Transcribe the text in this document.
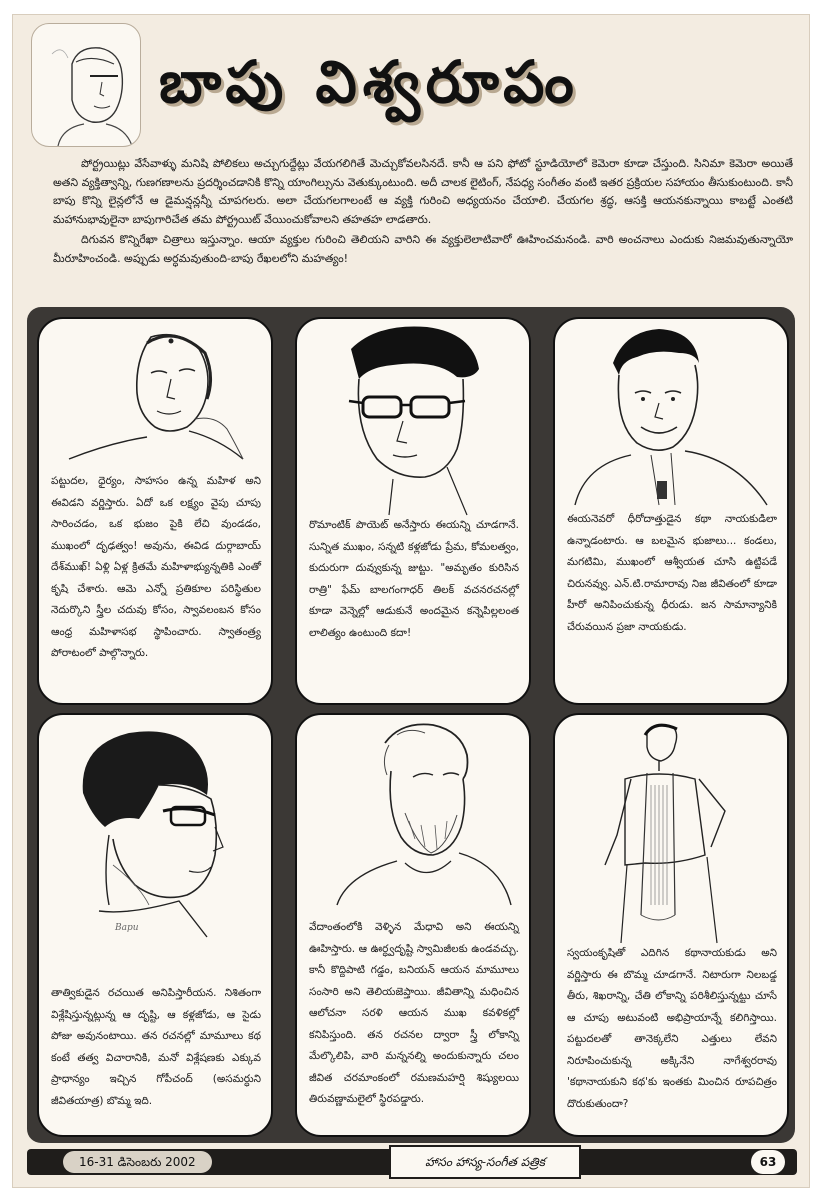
బాపు విశ్వరూపం

పోర్ట్రయిట్లు వేసేవాళ్ళు మనిషి పోలికలు అచ్చుగుద్దేట్లు వేయగలిగితే మెచ్చుకోవలసినదే. కానీ ఆ పని ఫోటో స్టూడియోలో కెమెరా కూడా చేస్తుంది. సినిమా కెమెరా అయితే అతని వ్యక్తిత్వాన్ని, గుణగణాలను ప్రదర్శించడానికి కొన్ని యాంగిల్సును వెతుక్కుంటుంది. అదీ చాలక లైటింగ్, నేపధ్య సంగీతం వంటి ఇతర ప్రక్రియల సహాయం తీసుకుంటుంది. కానీ బాపు కొన్ని లైన్లలోనే ఆ డైమన్షన్లన్నీ చూపగలరు. అలా చేయగలగాలంటే ఆ వ్యక్తి గురించి అధ్యయనం చేయాలి. చేయగల శ్రద్ధ, ఆసక్తి ఆయనకున్నాయి కాబట్టే ఎంతటి మహానుభావులైనా బాపుగారిచేత తమ పోర్ట్రయిట్ వేయించుకోవాలని తహతహ లాడతారు.

దిగువన కొన్నిరేఖా చిత్రాలు ఇస్తున్నాం. ఆయా వ్యక్తుల గురించి తెలియని వారిని ఈ వ్యక్తులెలాటివారో ఊహించమనండి. వారి అంచనాలు ఎందుకు నిజమవుతున్నాయో మీరూహించండి. అప్పుడు అర్ధమవుతుంది-బాపు రేఖలలోని మహత్యం!

పట్టుదల, ధైర్యం, సాహసం ఉన్న మహిళ అని ఈవిడని వర్ణిస్తారు. ఏదో ఒక లక్ష్యం వైపు చూపు సారించడం, ఒక భుజం పైకి లేచి వుండడం, ముఖంలో దృఢత్వం! అవును, ఈవిడ దుర్గాబాయ్ దేశ్‌ముఖ్! ఏళ్లి ఏళ్ల క్రితమే మహిళాభ్యున్నతికి ఎంతో కృషి చేశారు. ఆమె ఎన్నో ప్రతికూల పరిస్థితుల నెదుర్కొని స్త్రీల చదువు కోసం, స్వావలంబన కోసం ఆంధ్ర మహిళాసభ స్థాపించారు. స్వాతంత్ర్య పోరాటంలో పాల్గొన్నారు.
రొమాంటిక్ పొయెట్ అనేస్తారు ఈయన్ని చూడగానే. సున్నిత ముఖం, సన్నటి కళ్లజోడు ప్రేమ, కోమలత్వం, కుదురుగా దువ్వుకున్న జుట్టు. "అమృతం కురిసిన రాత్రి" ఫేమ్ బాలగంగాధర్ తిలక్ వచనరచనల్లో కూడా వెన్నెల్లో ఆడుకునే అందమైన కన్నెపిల్లలంత లాలిత్యం ఉంటుంది కదా!
ఈయనెవరో ధీరోదాత్తుడైన కథా నాయకుడిలా ఉన్నాడంటారు. ఆ బలమైన భుజాలు... కండలు, మగటిమి, ముఖంలో ఆశ్వీయత చూసి ఉట్టిపడే చిరునవ్వు. ఎన్.టి.రామారావు నిజ జీవితంలో కూడా హీరో అనిపించుకున్న ధీరుడు. జన సామాన్యానికి చేరువయిన ప్రజా నాయకుడు.
Bapu
తాత్వికుడైన రచయిత అనిపిస్తారీయన. నిశితంగా విశ్లేషిస్తున్నట్లున్న ఆ దృష్టి, ఆ కళ్లజోడు, ఆ సైడు పోజు అవునంటాయి. తన రచనల్లో మామూలు కథ కంటే తత్వ విచారానికి, మనో విశ్లేషణకు ఎక్కువ ప్రాధాన్యం ఇచ్చిన గోపీచంద్ (అసమర్ధుని జీవితయాత్ర) బొమ్మ ఇది.
వేదాంతంలోకి వెళ్ళిన మేధావి అని ఈయన్ని ఊహిస్తారు. ఆ ఊర్ధ్వదృష్టి స్వామిజీలకు ఉండవచ్చు. కానీ కొద్దిపాటి గడ్డం, బనియన్ ఆయన మామూలు సంసారి అని తెలియజెప్తాయి. జీవితాన్ని మధించిన ఆలోచనా సరళి ఆయన ముఖ కవళికల్లో కనిపిస్తుంది. తన రచనల ద్వారా స్త్రీ లోకాన్ని మేల్కొలిపి, వారి మన్ననల్ని అందుకున్నారు చలం జీవిత చరమాంకంలో రమణమహర్షి శిష్యులయి తిరువణ్ణామలైలో స్థిరపడ్డారు.
స్వయంకృషితో ఎదిగిన కథానాయకుడు అని వర్ణిస్తారు ఈ బొమ్మ చూడగానే. నిటారుగా నిలబడ్డ తీరు, శిఖరాన్ని, చేతి లోకాన్ని పరిశీలిస్తున్నట్టు చూసే ఆ చూపు అటువంటి అభిప్రాయాన్నే కలిగిస్తాయి. పట్టుదలతో తానెక్కలేని ఎత్తులు లేవని నిరూపించుకున్న అక్కినేని నాగేశ్వరరావు 'కథానాయకుని కథ'కు ఇంతకు మించిన రూపచిత్రం దొరుకుతుందా?
16-31 డిసెంబరు 2002	హాసం హాస్య-సంగీత పత్రిక	63
